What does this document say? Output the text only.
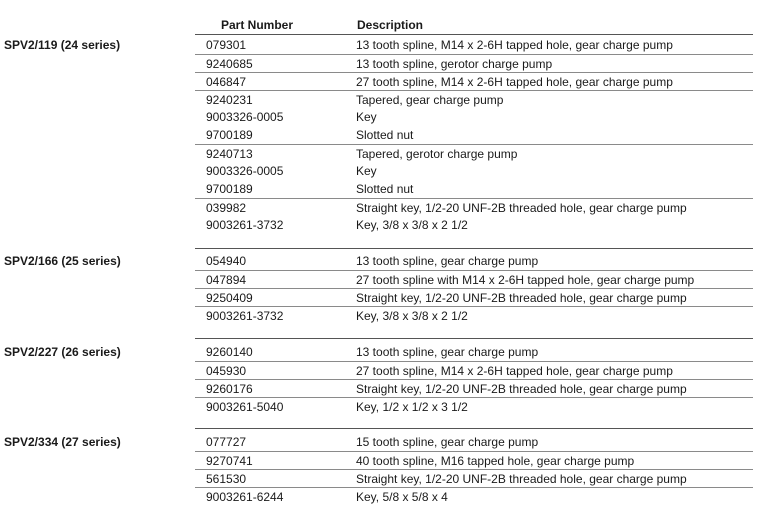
Part Number	Description
SPV2/119 (24 series)	079301	13 tooth spline, M14 x 2-6H tapped hole, gear charge pump
9240685	13 tooth spline, gerotor charge pump
046847	27 tooth spline, M14 x 2-6H tapped hole, gear charge pump
9240231	Tapered, gear charge pump
9003326-0005	Key
9700189	Slotted nut
9240713	Tapered, gerotor charge pump
9003326-0005	Key
9700189	Slotted nut
039982	Straight key, 1/2-20 UNF-2B threaded hole, gear charge pump
9003261-3732	Key, 3/8 x 3/8 x 2 1/2
SPV2/166 (25 series)	054940	13 tooth spline, gear charge pump
047894	27 tooth spline with M14 x 2-6H tapped hole, gear charge pump
9250409	Straight key, 1/2-20 UNF-2B threaded hole, gear charge pump
9003261-3732	Key, 3/8 x 3/8 x 2 1/2
SPV2/227 (26 series)	9260140	13 tooth spline, gear charge pump
045930	27 tooth spline, M14 x 2-6H tapped hole, gear charge pump
9260176	Straight key, 1/2-20 UNF-2B threaded hole, gear charge pump
9003261-5040	Key, 1/2 x 1/2 x 3 1/2
SPV2/334 (27 series)	077727	15 tooth spline, gear charge pump
9270741	40 tooth spline, M16 tapped hole, gear charge pump
561530	Straight key, 1/2-20 UNF-2B threaded hole, gear charge pump
9003261-6244	Key, 5/8 x 5/8 x 4
